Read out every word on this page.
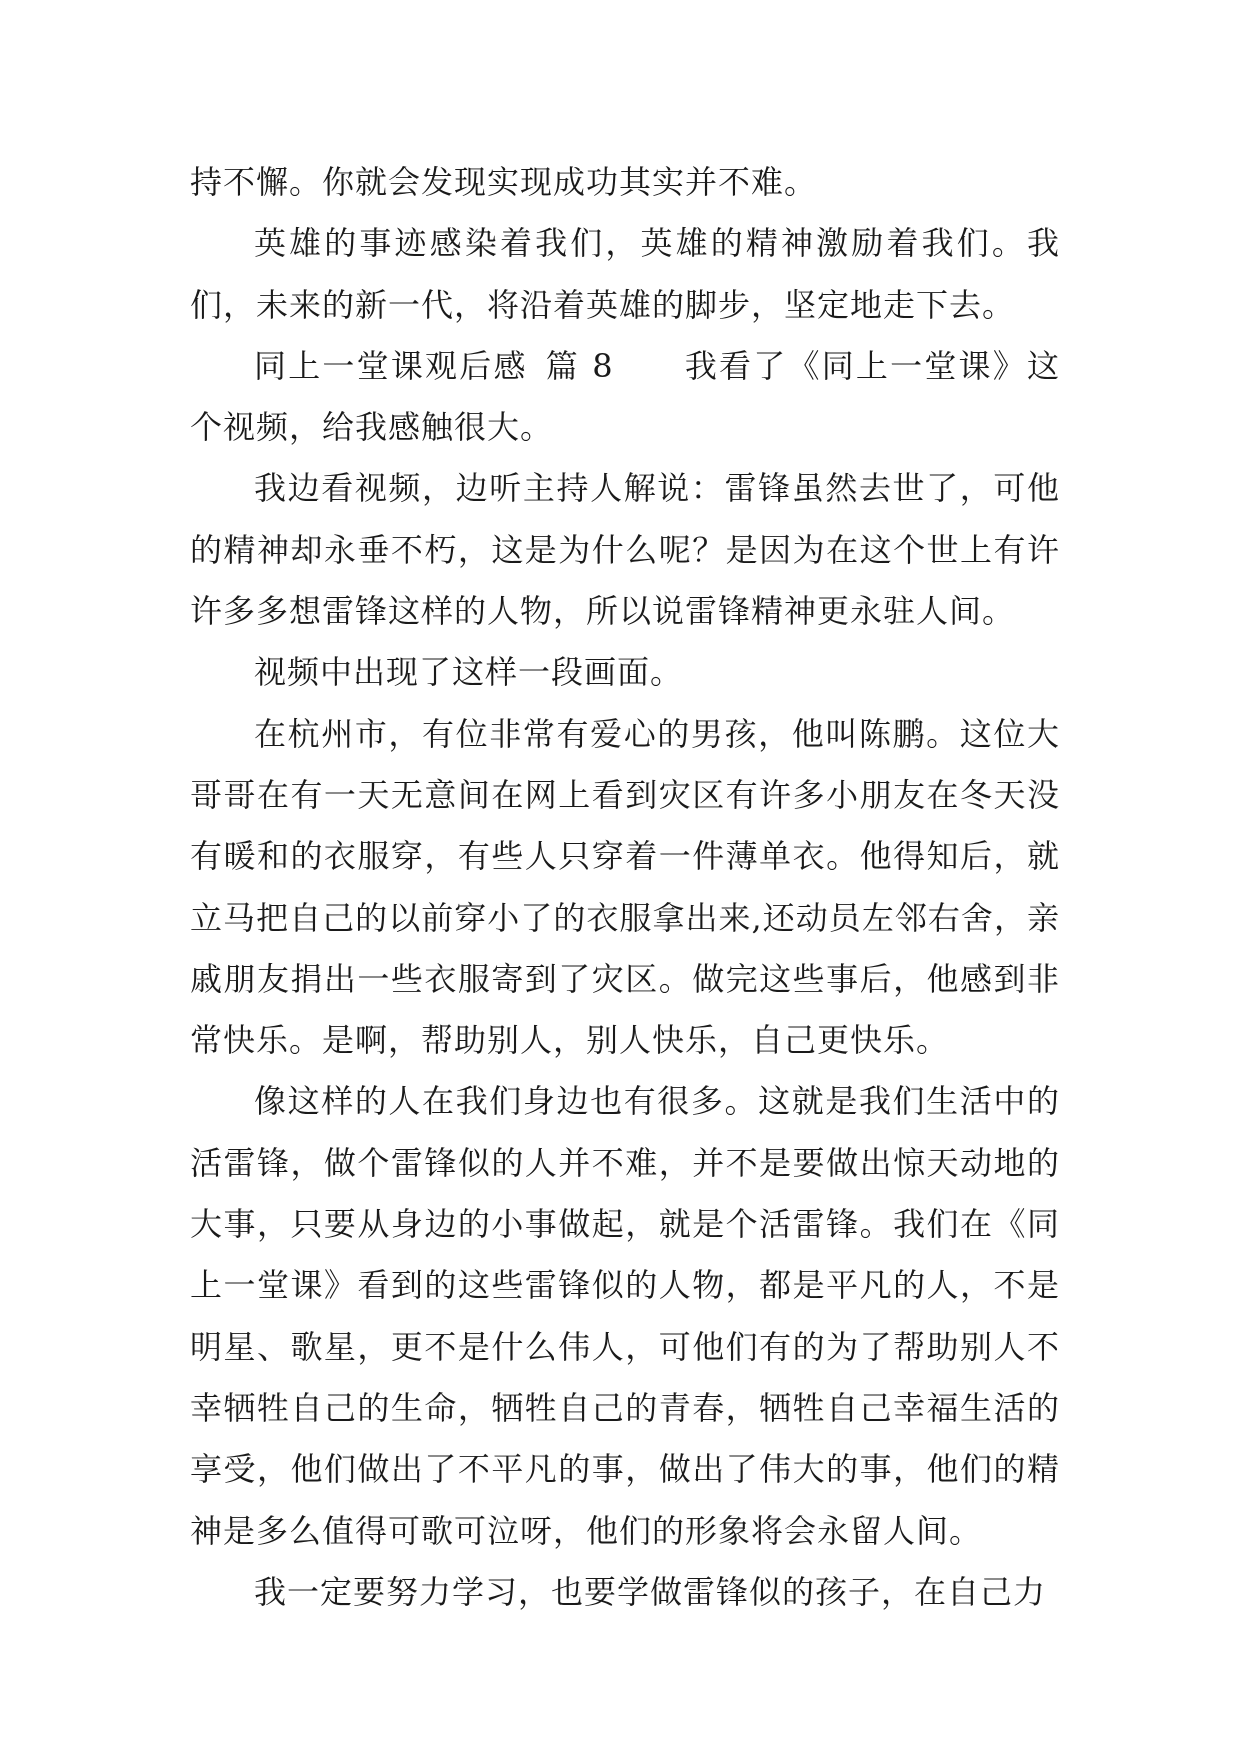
持不懈。你就会发现实现成功其实并不难。

英雄的事迹感染着我们，英雄的精神激励着我们。我们，未来的新一代，将沿着英雄的脚步，坚定地走下去。

同上一堂课观后感 篇 8 我看了《同上一堂课》这个视频，给我感触很大。

我边看视频，边听主持人解说：雷锋虽然去世了，可他的精神却永垂不朽，这是为什么呢？是因为在这个世上有许许多多想雷锋这样的人物，所以说雷锋精神更永驻人间。

视频中出现了这样一段画面。

在杭州市，有位非常有爱心的男孩，他叫陈鹏。这位大哥哥在有一天无意间在网上看到灾区有许多小朋友在冬天没有暖和的衣服穿，有些人只穿着一件薄单衣。他得知后，就立马把自己的以前穿小了的衣服拿出来,还动员左邻右舍，亲戚朋友捐出一些衣服寄到了灾区。做完这些事后，他感到非常快乐。是啊，帮助别人，别人快乐，自己更快乐。

像这样的人在我们身边也有很多。这就是我们生活中的活雷锋，做个雷锋似的人并不难，并不是要做出惊天动地的大事，只要从身边的小事做起，就是个活雷锋。我们在《同上一堂课》看到的这些雷锋似的人物，都是平凡的人，不是明星、歌星，更不是什么伟人，可他们有的为了帮助别人不幸牺牲自己的生命，牺牲自己的青春，牺牲自己幸福生活的享受，他们做出了不平凡的事，做出了伟大的事，他们的精神是多么值得可歌可泣呀，他们的形象将会永留人间。

我一定要努力学习，也要学做雷锋似的孩子，在自己力
